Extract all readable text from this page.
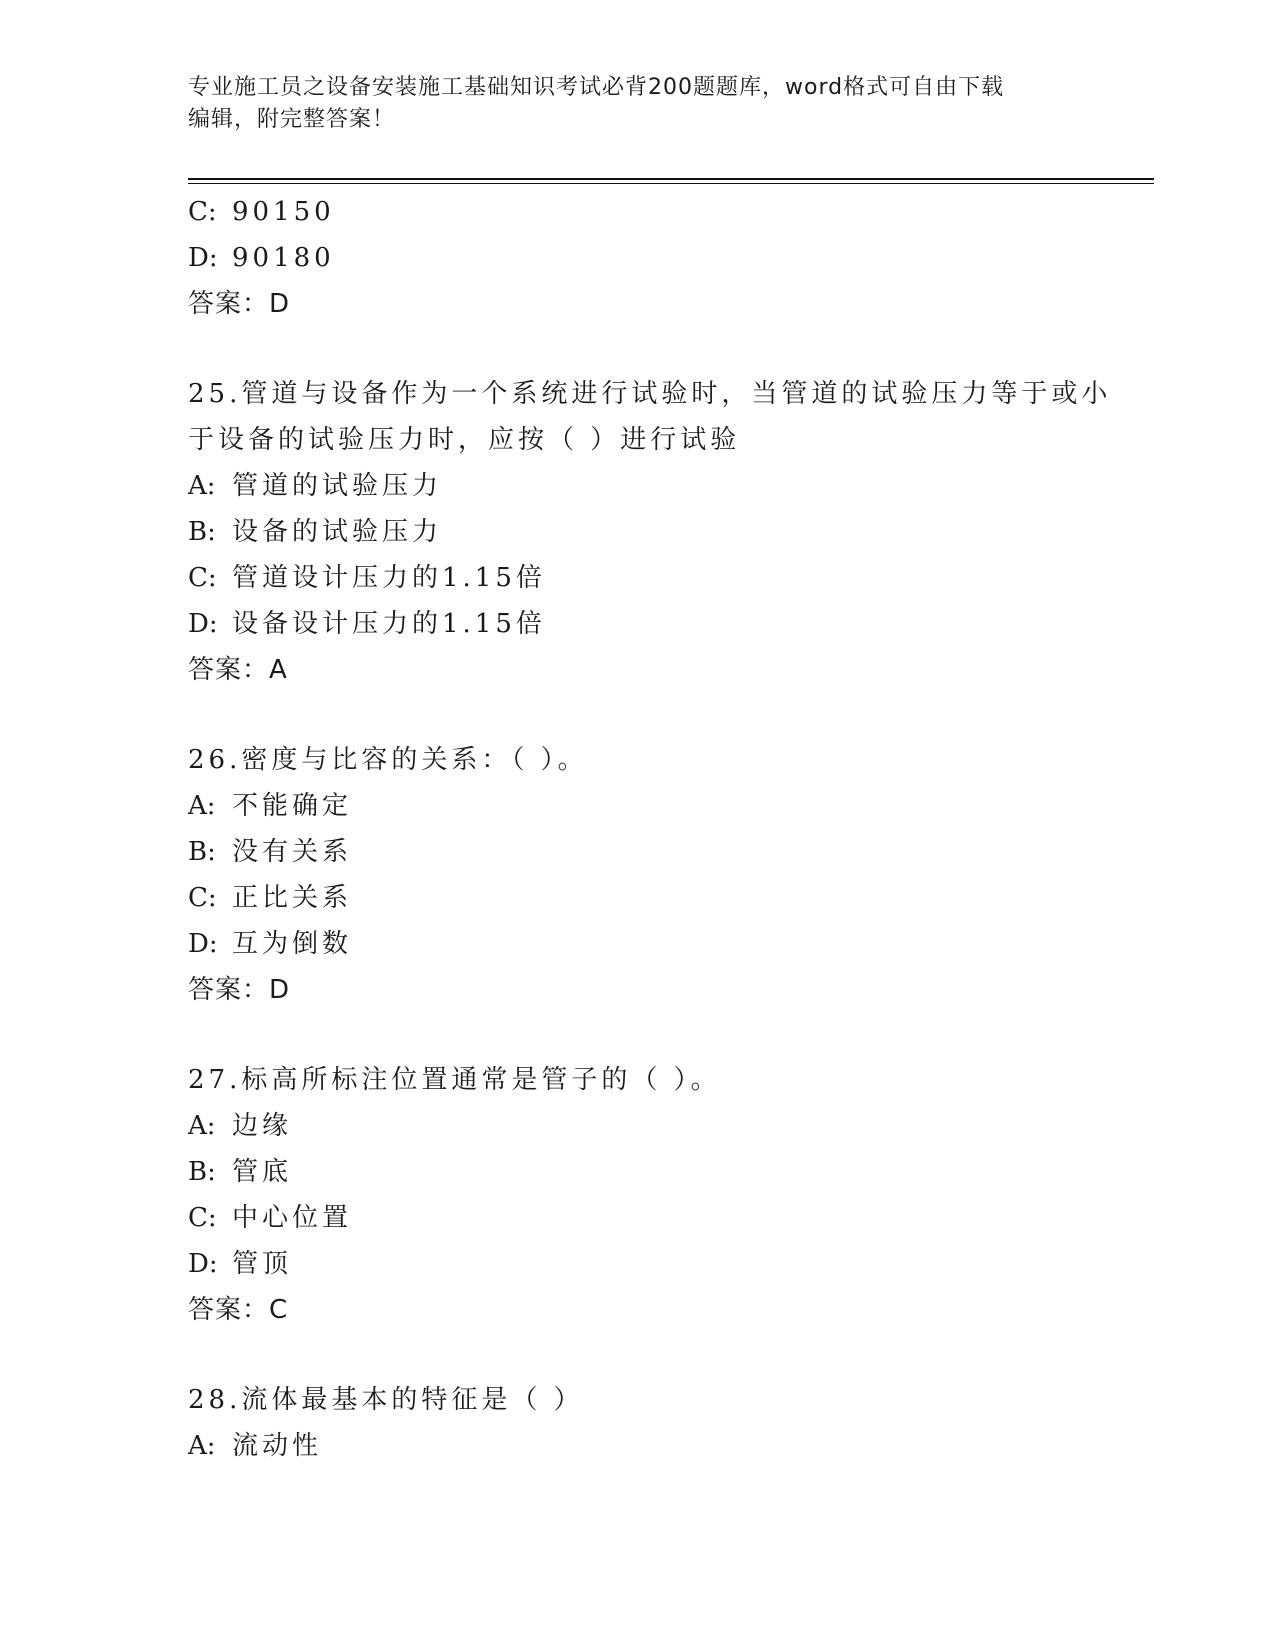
专业施工员之设备安装施工基础知识考试必背200题题库，word格式可自由下载
编辑，附完整答案！
C: 90150
D: 90180
答案：D
25.管道与设备作为一个系统进行试验时，当管道的试验压力等于或小
于设备的试验压力时，应按（ ）进行试验
A: 管道的试验压力
B: 设备的试验压力
C: 管道设计压力的1.15倍
D: 设备设计压力的1.15倍
答案：A
26.密度与比容的关系：（ ）。
A: 不能确定
B: 没有关系
C: 正比关系
D: 互为倒数
答案：D
27.标高所标注位置通常是管子的（ ）。
A: 边缘
B: 管底
C: 中心位置
D: 管顶
答案：C
28.流体最基本的特征是（ ）
A: 流动性
